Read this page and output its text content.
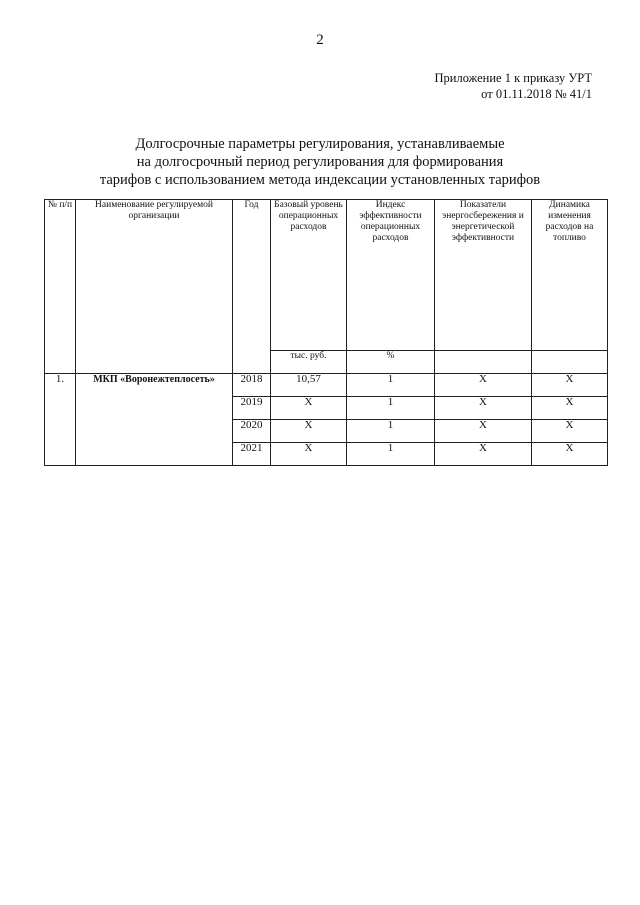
2
Приложение 1 к приказу УРТ
от 01.11.2018 № 41/1
Долгосрочные параметры регулирования, устанавливаемые
на долгосрочный период регулирования для формирования
тарифов с использованием метода индексации установленных тарифов
№ п/п	Наименование регулируемой организации	Год	Базовый уровень операционных расходов	Индекс эффективности операционных расходов	Показатели энергосбережения и энергетической эффективности	Динамика изменения расходов на топливо
			тыс. руб.	%		
1.	МКП «Воронежтеплосеть»	2018	10,57	1	Х	Х
		2019	Х	1	Х	Х
		2020	Х	1	Х	Х
		2021	Х	1	Х	Х
